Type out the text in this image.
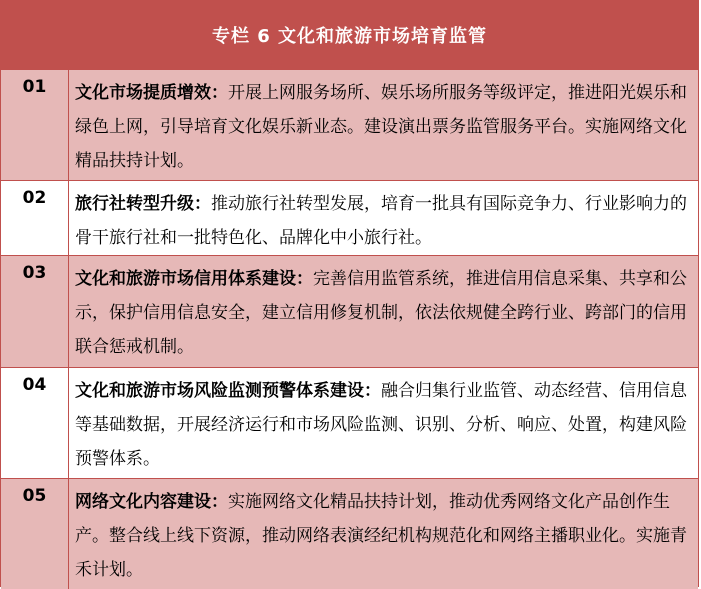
专栏 6 文化和旅游市场培育监管
01	文化市场提质增效：开展上网服务场所、娱乐场所服务等级评定，推进阳光娱乐和绿色上网，引导培育文化娱乐新业态。建设演出票务监管服务平台。实施网络文化精品扶持计划。
02	旅行社转型升级：推动旅行社转型发展，培育一批具有国际竞争力、行业影响力的骨干旅行社和一批特色化、品牌化中小旅行社。
03	文化和旅游市场信用体系建设：完善信用监管系统，推进信用信息采集、共享和公示，保护信用信息安全，建立信用修复机制，依法依规健全跨行业、跨部门的信用联合惩戒机制。
04	文化和旅游市场风险监测预警体系建设：融合归集行业监管、动态经营、信用信息等基础数据，开展经济运行和市场风险监测、识别、分析、响应、处置，构建风险预警体系。
05	网络文化内容建设：实施网络文化精品扶持计划，推动优秀网络文化产品创作生产。整合线上线下资源，推动网络表演经纪机构规范化和网络主播职业化。实施青禾计划。
